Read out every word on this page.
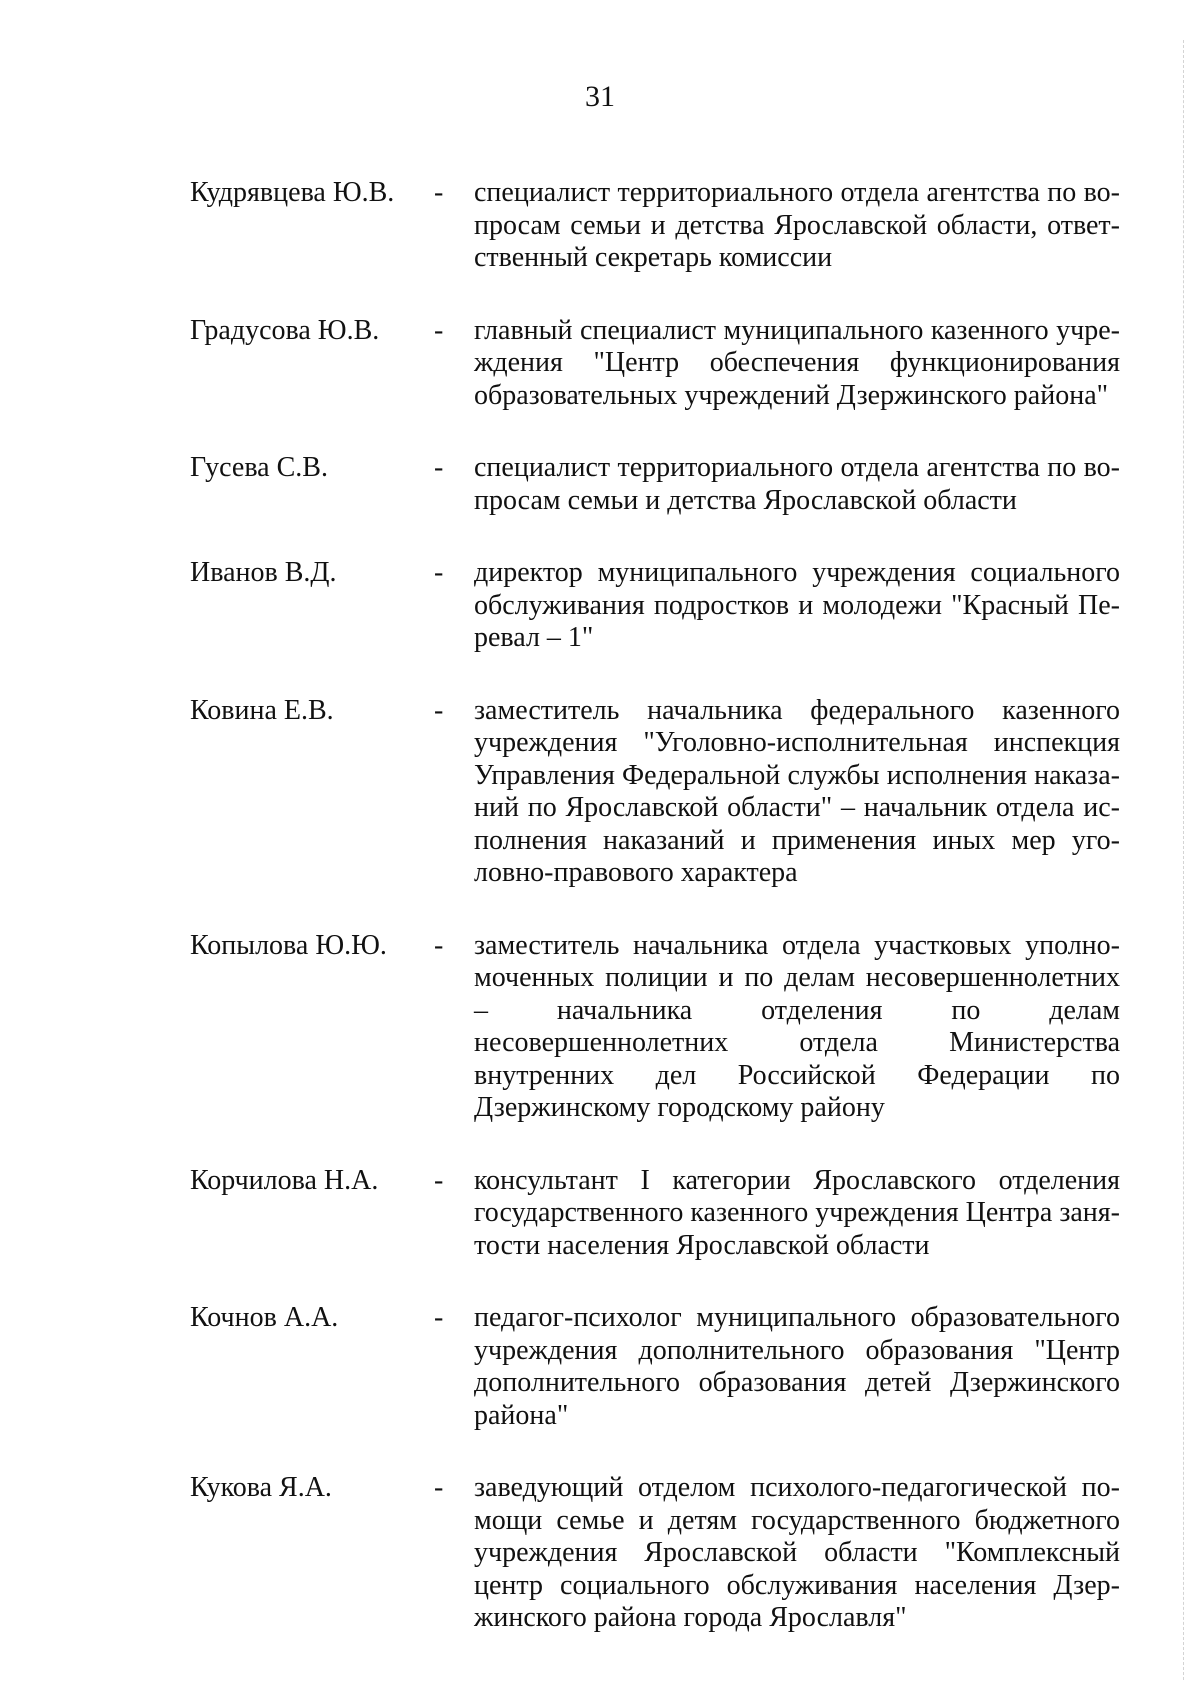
31
Кудрявцева Ю.В.	-	специалист территориального отдела агентства по вопросам семьи и детства Ярославской области, ответственный секретарь комиссии
Градусова Ю.В.	-	главный специалист муниципального казенного учреждения "Центр обеспечения функционирования образовательных учреждений Дзержинского района"
Гусева С.В.	-	специалист территориального отдела агентства по вопросам семьи и детства Ярославской области
Иванов В.Д.	-	директор муниципального учреждения социального обслуживания подростков и молодежи "Красный Перевал – 1"
Ковина Е.В.	-	заместитель начальника федерального казенного учреждения "Уголовно-исполнительная инспекция Управления Федеральной службы исполнения наказаний по Ярославской области" – начальник отдела исполнения наказаний и применения иных мер уголовно-правового характера
Копылова Ю.Ю.	-	заместитель начальника отдела участковых уполномоченных полиции и по делам несовершеннолетних – начальника отделения по делам несовершеннолетних отдела Министерства внутренних дел Российской Федерации по Дзержинскому городскому району
Корчилова Н.А.	-	консультант I категории Ярославского отделения государственного казенного учреждения Центра занятости населения Ярославской области
Кочнов А.А.	-	педагог-психолог муниципального образовательного учреждения дополнительного образования "Центр дополнительного образования детей Дзержинского района"
Кукова Я.А.	-	заведующий отделом психолого-педагогической помощи семье и детям государственного бюджетного учреждения Ярославской области "Комплексный центр социального обслуживания населения Дзержинского района города Ярославля"
